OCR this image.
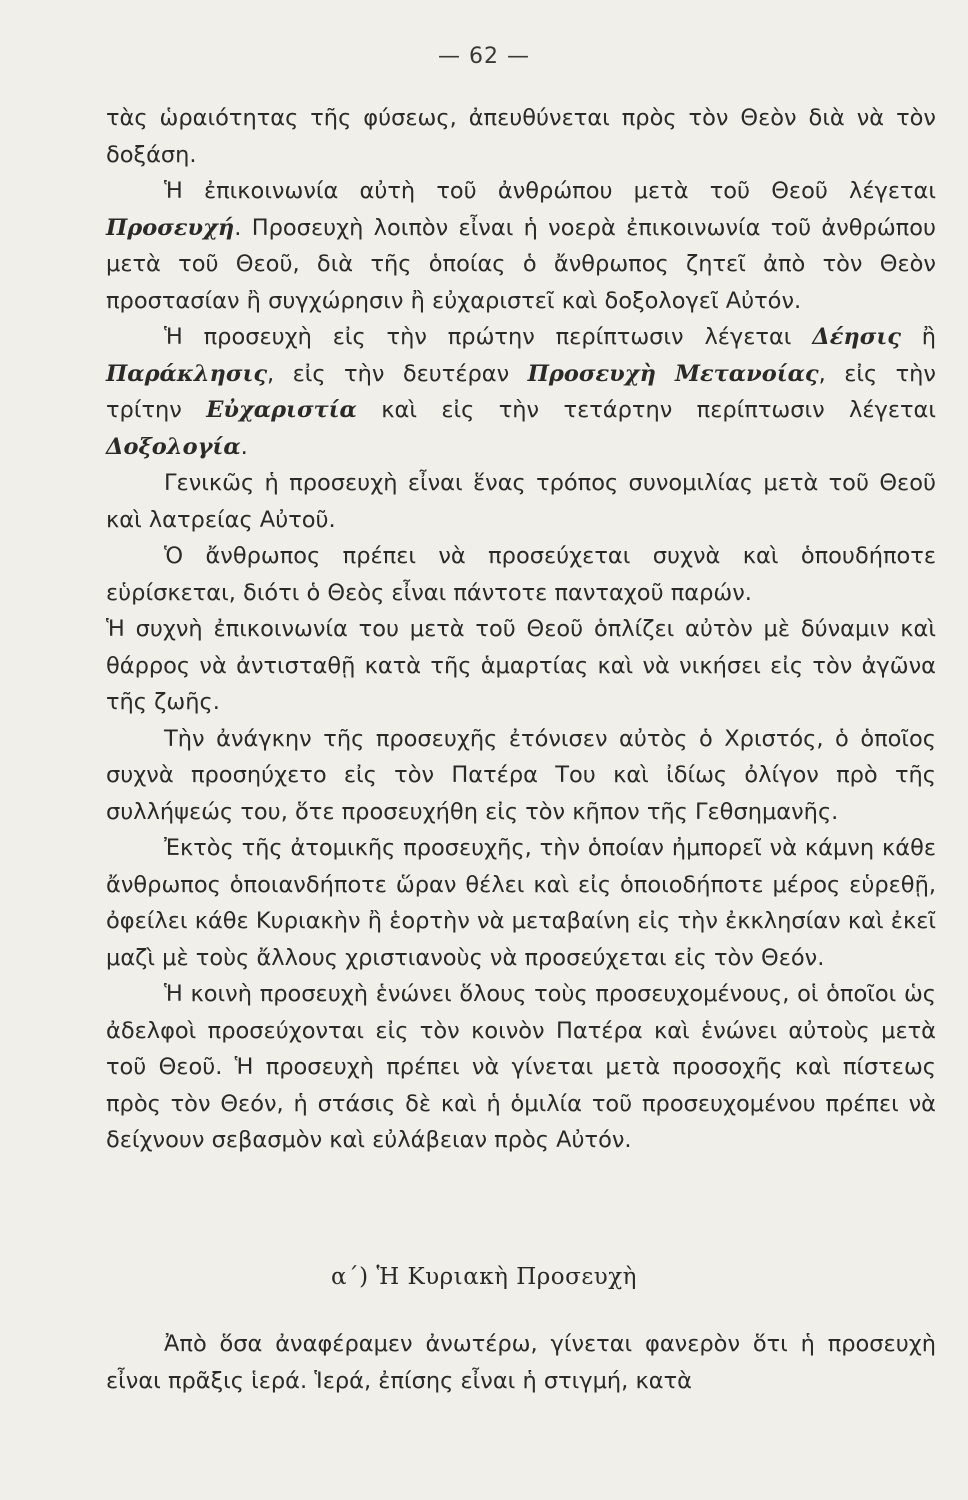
— 62 —

τὰς ὡραιότητας τῆς φύσεως, ἀπευθύνεται πρὸς τὸν Θεὸν διὰ νὰ τὸν δοξάση.

Ἡ ἐπικοινωνία αὐτὴ τοῦ ἀνθρώπου μετὰ τοῦ Θεοῦ λέγεται Προσευχή. Προσευχὴ λοιπὸν εἶναι ἡ νοερὰ ἐπικοινωνία τοῦ ἀνθρώπου μετὰ τοῦ Θεοῦ, διὰ τῆς ὁποίας ὁ ἄνθρωπος ζητεῖ ἀπὸ τὸν Θεὸν προστασίαν ἢ συγχώρησιν ἢ εὐχαριστεῖ καὶ δοξολογεῖ Αὐτόν.

Ἡ προσευχὴ εἰς τὴν πρώτην περίπτωσιν λέγεται Δέησις ἢ Παράκλησις, εἰς τὴν δευτέραν Προσευχὴ Μετανοίας, εἰς τὴν τρίτην Εὐχαριστία καὶ εἰς τὴν τετάρτην περίπτωσιν λέγεται Δοξολογία.

Γενικῶς ἡ προσευχὴ εἶναι ἕνας τρόπος συνομιλίας μετὰ τοῦ Θεοῦ καὶ λατρείας Αὐτοῦ.

Ὁ ἄνθρωπος πρέπει νὰ προσεύχεται συχνὰ καὶ ὁπουδήποτε εὑρίσκεται, διότι ὁ Θεὸς εἶναι πάντοτε πανταχοῦ παρών.

Ἡ συχνὴ ἐπικοινωνία του μετὰ τοῦ Θεοῦ ὁπλίζει αὐτὸν μὲ δύναμιν καὶ θάρρος νὰ ἀντισταθῇ κατὰ τῆς ἁμαρτίας καὶ νὰ νικήσει εἰς τὸν ἀγῶνα τῆς ζωῆς.

Τὴν ἀνάγκην τῆς προσευχῆς ἐτόνισεν αὐτὸς ὁ Χριστός, ὁ ὁποῖος συχνὰ προσηύχετο εἰς τὸν Πατέρα Του καὶ ἰδίως ὀλίγον πρὸ τῆς συλλήψεώς του, ὅτε προσευχήθη εἰς τὸν κῆπον τῆς Γεθσημανῆς.

Ἐκτὸς τῆς ἀτομικῆς προσευχῆς, τὴν ὁποίαν ἠμπορεῖ νὰ κάμνη κάθε ἄνθρωπος ὁποιανδήποτε ὥραν θέλει καὶ εἰς ὁποιοδήποτε μέρος εὑρεθῇ, ὀφείλει κάθε Κυριακὴν ἢ ἑορτὴν νὰ μεταβαίνη εἰς τὴν ἐκκλησίαν καὶ ἐκεῖ μαζὶ μὲ τοὺς ἄλλους χριστιανοὺς νὰ προσεύχεται εἰς τὸν Θεόν.

Ἡ κοινὴ προσευχὴ ἑνώνει ὅλους τοὺς προσευχομένους, οἱ ὁποῖοι ὡς ἀδελφοὶ προσεύχονται εἰς τὸν κοινὸν Πατέρα καὶ ἑνώνει αὐτοὺς μετὰ τοῦ Θεοῦ. Ἡ προσευχὴ πρέπει νὰ γίνεται μετὰ προσοχῆς καὶ πίστεως πρὸς τὸν Θεόν, ἡ στάσις δὲ καὶ ἡ ὁμιλία τοῦ προσευχομένου πρέπει νὰ δείχνουν σεβασμὸν καὶ εὐλάβειαν πρὸς Αὐτόν.

α΄) Ἡ Κυριακὴ Προσευχὴ

Ἀπὸ ὅσα ἀναφέραμεν ἀνωτέρω, γίνεται φανερὸν ὅτι ἡ προσευχὴ εἶναι πρᾶξις ἱερά. Ἱερά, ἐπίσης εἶναι ἡ στιγμή, κατὰ
